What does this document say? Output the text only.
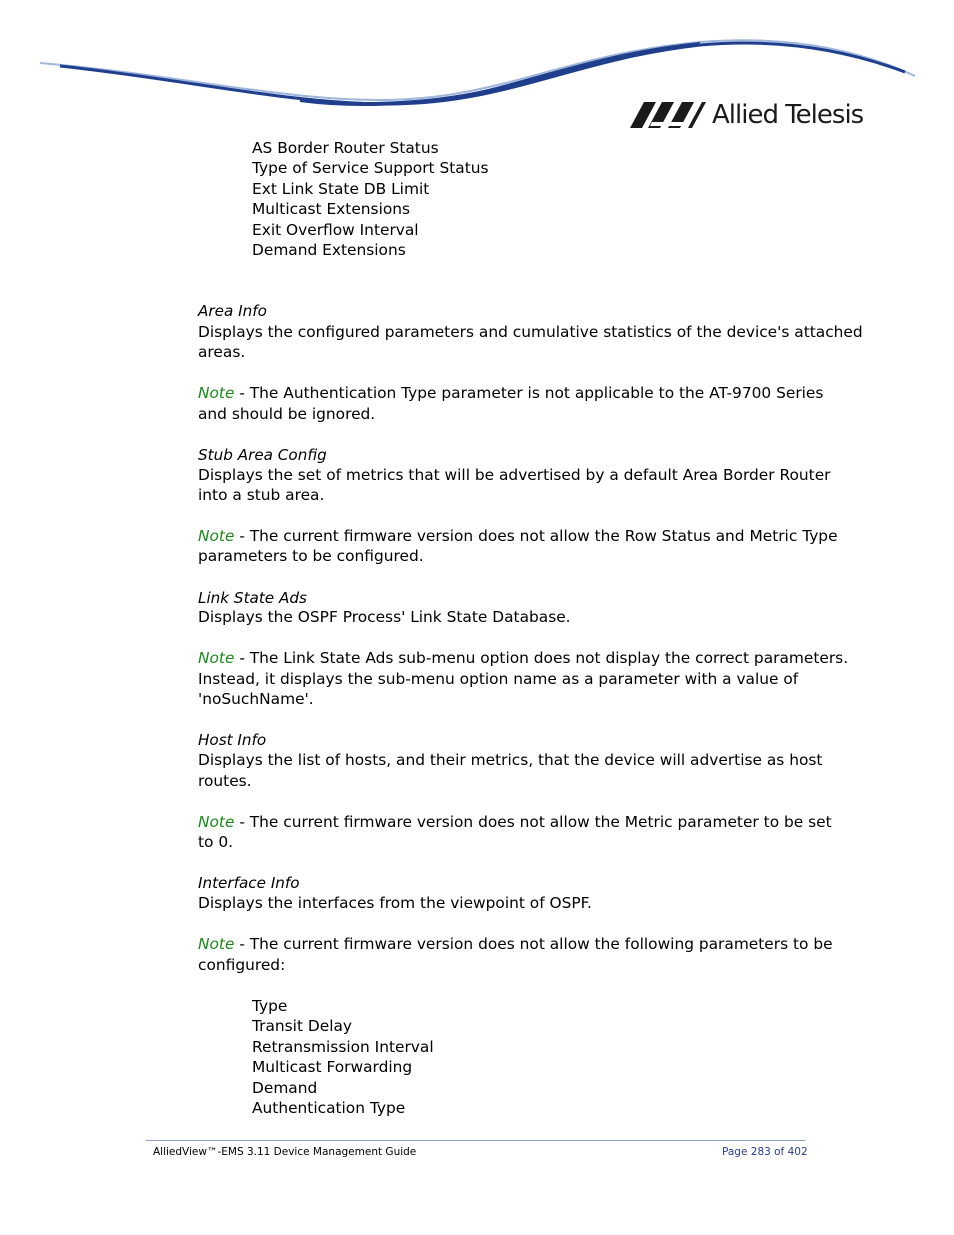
Allied Telesis
AS Border Router Status
Type of Service Support Status
Ext Link State DB Limit
Multicast Extensions
Exit Overflow Interval
Demand Extensions
Area Info
Displays the configured parameters and cumulative statistics of the device's attached
areas.
Note - The Authentication Type parameter is not applicable to the AT-9700 Series
and should be ignored.
Stub Area Config
Displays the set of metrics that will be advertised by a default Area Border Router
into a stub area.
Note - The current firmware version does not allow the Row Status and Metric Type
parameters to be configured.
Link State Ads
Displays the OSPF Process' Link State Database.
Note - The Link State Ads sub-menu option does not display the correct parameters.
Instead, it displays the sub-menu option name as a parameter with a value of
'noSuchName'.
Host Info
Displays the list of hosts, and their metrics, that the device will advertise as host
routes.
Note - The current firmware version does not allow the Metric parameter to be set
to 0.
Interface Info
Displays the interfaces from the viewpoint of OSPF.
Note - The current firmware version does not allow the following parameters to be
configured:
Type
Transit Delay
Retransmission Interval
Multicast Forwarding
Demand
Authentication Type
AlliedView™-EMS 3.11 Device Management Guide	Page 283 of 402
